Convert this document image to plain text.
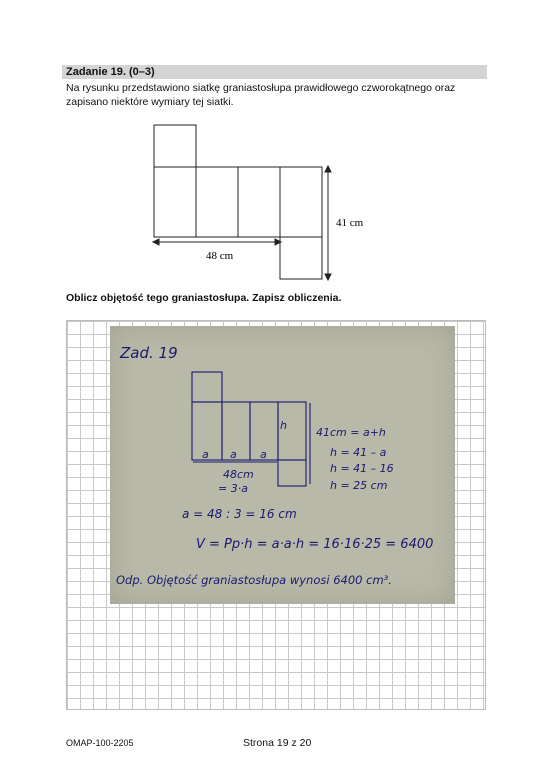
Zadanie 19. (0–3)
Na rysunku przedstawiono siatkę graniastosłupa prawidłowego czworokątnego oraz zapisano niektóre wymiary tej siatki.
48 cm
41 cm
Oblicz objętość tego graniastosłupa. Zapisz obliczenia.
Zad. 19
a a a
h
48cm
= 3·a
41cm = a+h
h = 41 – a
h = 41 – 16
h = 25 cm
a = 48 : 3 = 16 cm
V = Pp·h = a·a·h = 16·16·25 = 6400
Odp. Objętość graniastosłupa wynosi 6400 cm³.
OMAP-100-2205	Strona 19 z 20
